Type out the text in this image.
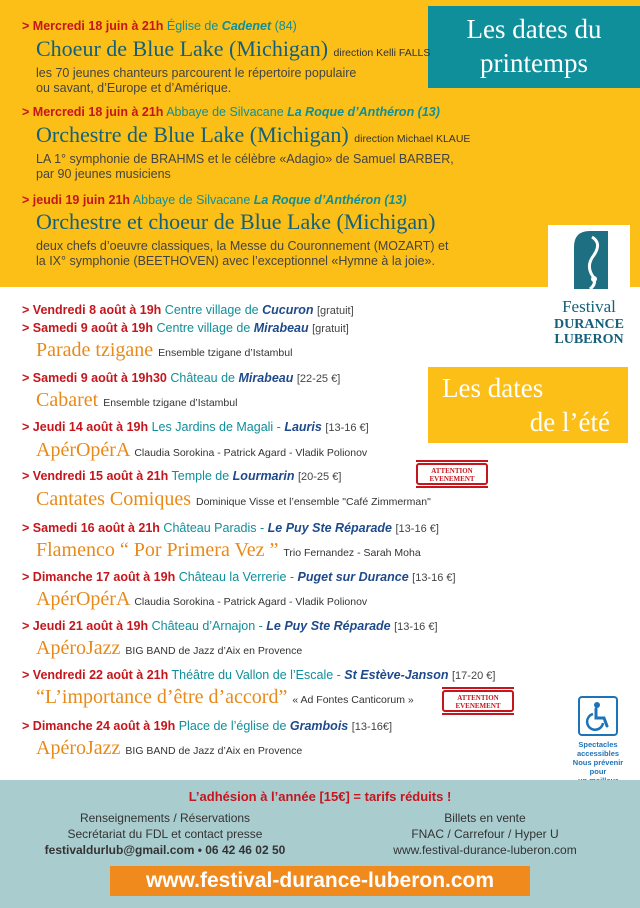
Les dates du
printemps
> Mercredi 18 juin à 21h Église de Cadenet (84)
Choeur de Blue Lake (Michigan) direction Kelli FALLS
les 70 jeunes chanteurs parcourent le répertoire populaire
ou savant, d’Europe et d’Amérique.
> Mercredi 18 juin à 21h Abbaye de Silvacane La Roque d’Anthéron (13)
Orchestre de Blue Lake (Michigan) direction Michael KLAUE
LA 1° symphonie de BRAHMS et le célèbre «Adagio» de Samuel BARBER,
par 90 jeunes musiciens
> jeudi 19 juin 21h Abbaye de Silvacane La Roque d’Anthéron (13)
Orchestre et choeur de Blue Lake (Michigan)
deux chefs d’oeuvre classiques, la Messe du Couronnement (MOZART) et
la IX° symphonie (BEETHOVEN) avec l’exceptionnel «Hymne à la joie».
Festival
DURANCE
LUBERON
Les dates
de l’été
> Vendredi 8 août à 19h Centre village de Cucuron [gratuit]
> Samedi 9 août à 19h Centre village de Mirabeau [gratuit]
Parade tzigane Ensemble tzigane d’Istambul
> Samedi 9 août à 19h30 Château de Mirabeau [22-25 €]
Cabaret Ensemble tzigane d’Istambul
> Jeudi 14 août à 19h Les Jardins de Magali - Lauris [13-16 €]
ApérOpérA Claudia Sorokina - Patrick Agard - Vladik Polionov
> Vendredi 15 août à 21h Temple de Lourmarin [20-25 €]	ATTENTION
EVENEMENT
Cantates Comiques Dominique Visse et l’ensemble "Café Zimmerman"
> Samedi 16 août à 21h Château Paradis - Le Puy Ste Réparade [13-16 €]
Flamenco “ Por Primera Vez ” Trio Fernandez - Sarah Moha
> Dimanche 17 août à 19h Château la Verrerie - Puget sur Durance [13-16 €]
ApérOpérA Claudia Sorokina - Patrick Agard - Vladik Polionov
> Jeudi 21 août à 19h Château d’Arnajon - Le Puy Ste Réparade [13-16 €]
ApéroJazz BIG BAND de Jazz d’Aix en Provence
> Vendredi 22 août à 21h Théâtre du Vallon de l’Escale - St Estève-Janson [17-20 €]
“L’importance d’être d’accord” « Ad Fontes Canticorum »	ATTENTION
EVENEMENT
> Dimanche 24 août à 19h Place de l’église de Grambois [13-16€]
ApéroJazz BIG BAND de Jazz d’Aix en Provence
Spectacles
accessibles
Nous prévenir pour
L’adhésion à l’année [15€] = tarifs réduits !
Renseignements / Réservations
Secrétariat du FDL et contact presse
festivaldurlub@gmail.com • 06 42 46 02 50
Billets en vente
FNAC / Carrefour / Hyper U
www.festival-durance-luberon.com
www.festival-durance-luberon.com
